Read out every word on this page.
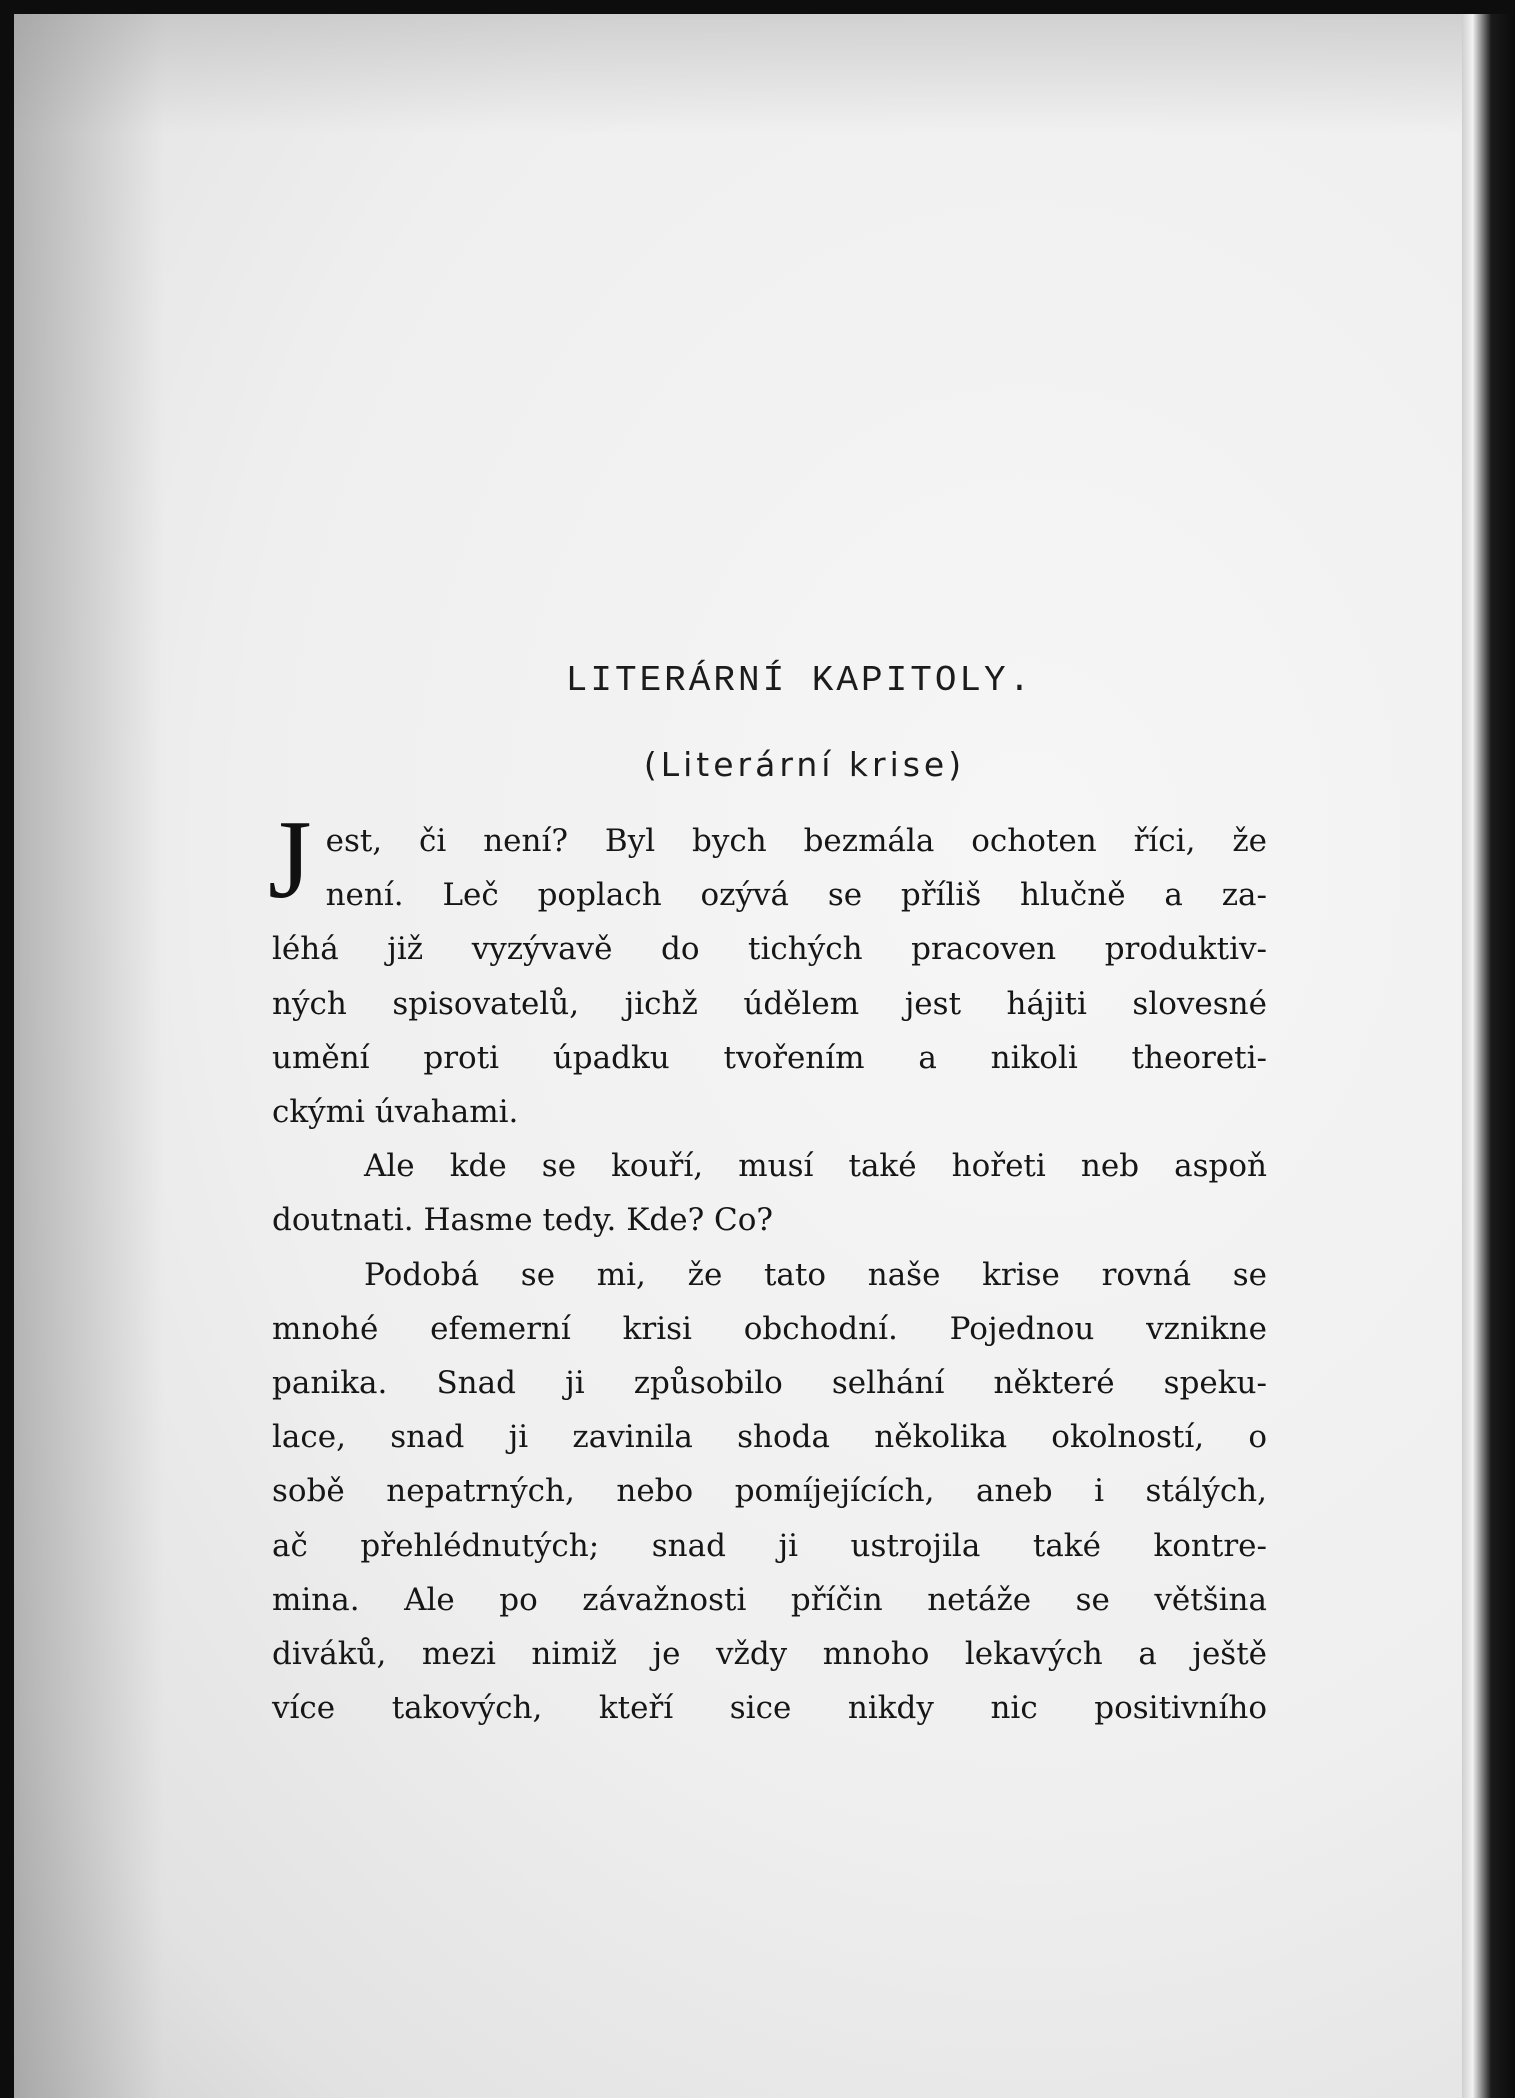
LITERÁRNÍ KAPITOLY.
(Literární krise)
J est, či není? Byl bych bezmála ochoten říci, že
není. Leč poplach ozývá se příliš hlučně a za-
léhá již vyzývavě do tichých pracoven produktiv-
ných spisovatelů, jichž údělem jest hájiti slovesné
umění proti úpadku tvořením a nikoli theoreti-
ckými úvahami.
Ale kde se kouří, musí také hořeti neb aspoň
doutnati. Hasme tedy. Kde? Co?
Podobá se mi, že tato naše krise rovná se
mnohé efemerní krisi obchodní. Pojednou vznikne
panika. Snad ji způsobilo selhání některé speku-
lace, snad ji zavinila shoda několika okolností, o
sobě nepatrných, nebo pomíjejících, aneb i stálých,
ač přehlédnutých; snad ji ustrojila také kontre-
mina. Ale po závažnosti příčin netáže se většina
diváků, mezi nimiž je vždy mnoho lekavých a ještě
více takových, kteří sice nikdy nic positivního
